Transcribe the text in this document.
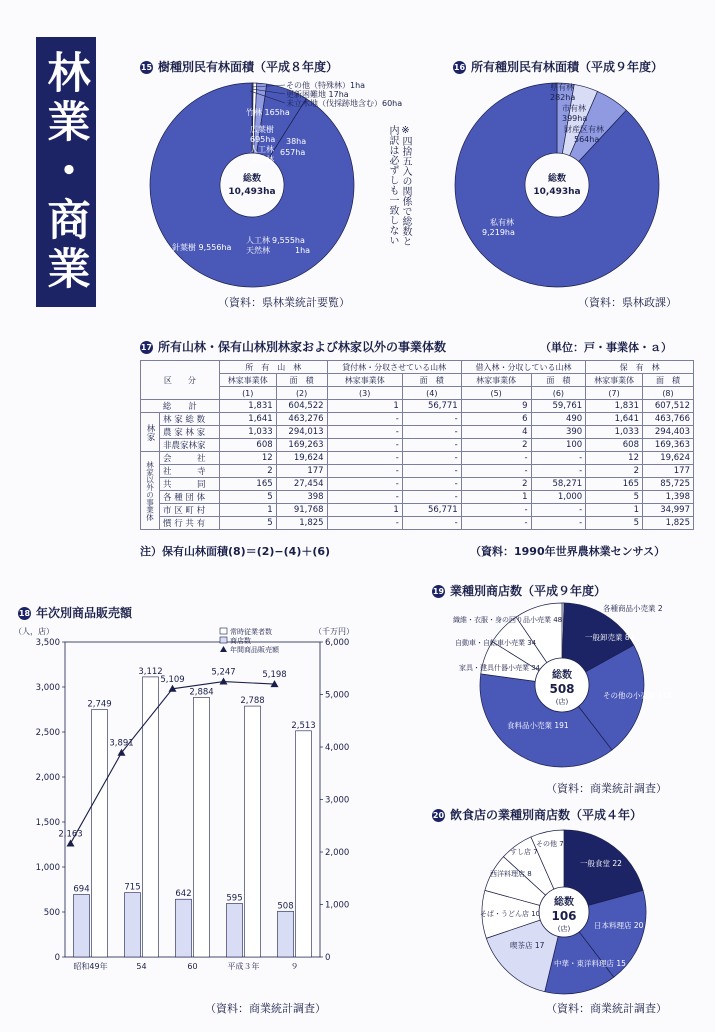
林業・商業	15 樹種別民有林面積（平成８年度）
総数
10,493ha
その他（特殊林）1ha
更新困難地 17ha
未立木地（伐採跡地含む）60ha
竹林 165ha
広葉樹
695ha
人工林
38ha
天然林
657ha
針葉樹 9,556ha
人工林 9,555ha
天然林	1ha
※四捨五入の関係で総数と内訳は必ずしも一致しない
（資料：県林業統計要覧）
16 所有種別民有林面積（平成９年度）
総数
10,493ha
県有林
282ha
市有林
399ha
財産区有林
564ha
私有林
9,219ha
（資料：県林政課）
17 所有山林・保有山林別林家および林家以外の事業体数	（単位：戸・事業体・ａ）
区　　分		所　有　山　林		貸付林・分収させている山林		借入林・分収している山林		保　有　林	
		林家事業体	面　積	林家事業体	面　積	林家事業体	面　積	林家事業体	面　積
		(1)	(2)	(3)	(4)	(5)	(6)	(7)	(8)
総　　計		1,831	604,522	1	56,771	9	59,761	1,831	607,512
林家	林 家 総 数	1,641	463,276	-	-	6	490	1,641	463,766
	農 家 林 家	1,033	294,013	-	-	4	390	1,033	294,403
	非農家林家	608	169,263	-	-	2	100	608	169,363
林家以外の事業体	会　　　社	12	19,624	-	-	-	-	12	19,624
	社　　　寺	2	177	-	-	-	-	2	177
	共　　　同	165	27,454	-	-	2	58,271	165	85,725
	各 種 団 体	5	398	-	-	1	1,000	5	1,398
	市 区 町 村	1	91,768	1	56,771	-	-	1	34,997
	慣 行 共 有	5	1,825	-	-	-	-	5	1,825
注）保有山林面積(8)＝(2)−(4)＋(6)	（資料：1990年世界農林業センサス）
18 年次別商品販売額
0
500
1,000
1,500
2,000
2,500
3,000
3,500
0
1,000
2,000
3,000
4,000
5,000
6,000
（人，店）	（千万円）
常時従業者数
商店数
年間商品販売額
694
2,749
昭和49年
715
3,112
54
642
2,884
60
595
2,788
平成３年
508
2,513
９
2,163
3,891
5,109
5,247	5,198
（資料：商業統計調査）
19 業種別商店数（平成９年度）
総数
508
(店)
各種商品小売業 2
一般卸売業 84
その他の小売業 115
食料品小売業 191
家具・建具什器小売業 34
自動車・自転車小売業 34
織維・衣服・身の回り品小売業 48
（資料：商業統計調査）
20 飲食店の業種別商店数（平成４年）
総数
106
(店)
一般食堂 22
日本料理店 20
中華・東洋料理店 15
喫茶店 17
そば・うどん店 10
西洋料理店 8
すし店 7
その他 7
（資料：商業統計調査）
